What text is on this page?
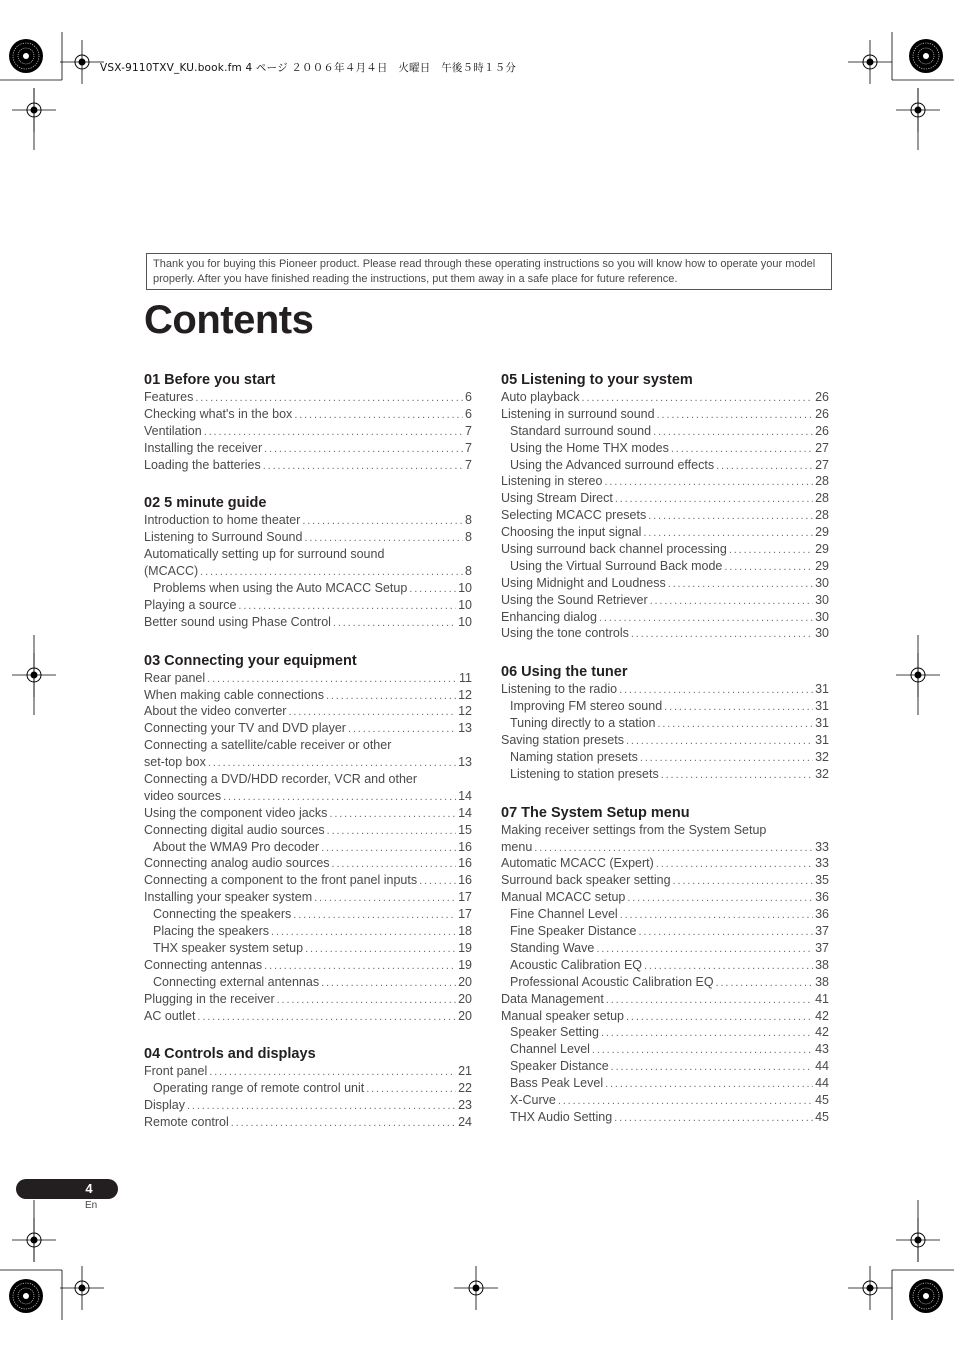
VSX-9110TXV_KU.book.fm 4 ページ ２００６年４月４日　火曜日　午後５時１５分
Thank you for buying this Pioneer product. Please read through these operating instructions so you will know how to operate your model properly. After you have finished reading the instructions, put them away in a safe place for future reference.
Contents
01 Before you start
Features . . .	6
Checking what's in the box . . .	6
Ventilation . . .	7
Installing the receiver . . .	7
Loading the batteries . . .	7
02 5 minute guide
Introduction to home theater . . .	8
Listening to Surround Sound . . .	8
Automatically setting up for surround sound
(MCACC) . . .	8
Problems when using the Auto MCACC Setup . . .	10
Playing a source . . .	10
Better sound using Phase Control . . .	10
03 Connecting your equipment
Rear panel . . .	11
When making cable connections . . .	12
About the video converter . . .	12
Connecting your TV and DVD player . . .	13
Connecting a satellite/cable receiver or other
set-top box . . .	13
Connecting a DVD/HDD recorder, VCR and other
video sources . . .	14
Using the component video jacks . . .	14
Connecting digital audio sources . . .	15
About the WMA9 Pro decoder . . .	16
Connecting analog audio sources . . .	16
Connecting a component to the front panel inputs . . .	16
Installing your speaker system . . .	17
Connecting the speakers . . .	17
Placing the speakers . . .	18
THX speaker system setup . . .	19
Connecting antennas . . .	19
Connecting external antennas . . .	20
Plugging in the receiver . . .	20
AC outlet . . .	20
04 Controls and displays
Front panel . . .	21
Operating range of remote control unit . . .	22
Display . . .	23
Remote control . . .	24
05 Listening to your system
Auto playback . . .	26
Listening in surround sound . . .	26
Standard surround sound . . .	26
Using the Home THX modes . . .	27
Using the Advanced surround effects . . .	27
Listening in stereo . . .	28
Using Stream Direct . . .	28
Selecting MCACC presets . . .	28
Choosing the input signal . . .	29
Using surround back channel processing . . .	29
Using the Virtual Surround Back mode . . .	29
Using Midnight and Loudness . . .	30
Using the Sound Retriever . . .	30
Enhancing dialog . . .	30
Using the tone controls . . .	30
06 Using the tuner
Listening to the radio . . .	31
Improving FM stereo sound . . .	31
Tuning directly to a station . . .	31
Saving station presets . . .	31
Naming station presets . . .	32
Listening to station presets . . .	32
07 The System Setup menu
Making receiver settings from the System Setup
menu . . .	33
Automatic MCACC (Expert) . . .	33
Surround back speaker setting . . .	35
Manual MCACC setup . . .	36
Fine Channel Level . . .	36
Fine Speaker Distance . . .	37
Standing Wave . . .	37
Acoustic Calibration EQ . . .	38
Professional Acoustic Calibration EQ . . .	38
Data Management . . .	41
Manual speaker setup . . .	42
Speaker Setting . . .	42
Channel Level . . .	43
Speaker Distance . . .	44
Bass Peak Level . . .	44
X-Curve . . .	45
THX Audio Setting . . .	45
4
En
